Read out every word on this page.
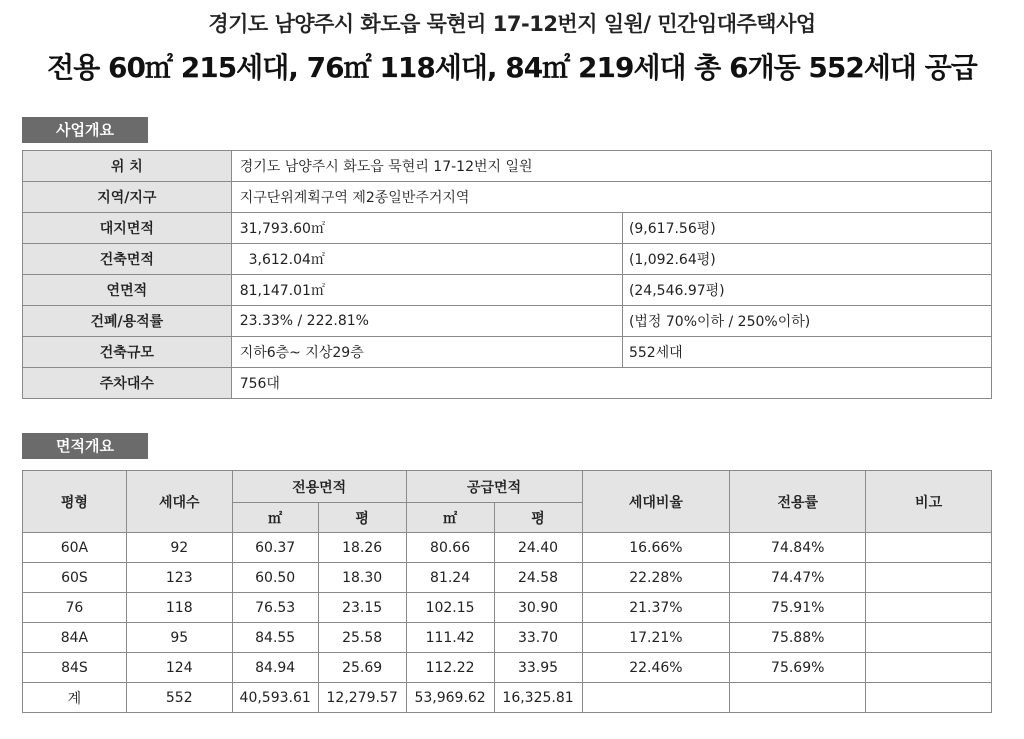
경기도 남양주시 화도읍 묵현리 17-12번지 일원/ 민간임대주택사업
전용 60㎡ 215세대, 76㎡ 118세대, 84㎡ 219세대 총 6개동 552세대 공급
사업개요
위 치	경기도 남양주시 화도읍 묵현리 17-12번지 일원	
지역/지구	지구단위계획구역 제2종일반주거지역	
대지면적	31,793.60㎡	(9,617.56평)
건축면적	3,612.04㎡	(1,092.64평)
연면적	81,147.01㎡	(24,546.97평)
건폐/용적률	23.33% / 222.81%	(법정 70%이하 / 250%이하)
건축규모	지하6층~ 지상29층	552세대
주차대수	756대	
면적개요
평형	세대수	전용면적		공급면적		세대비율	전용률	비고
		㎡	평	㎡	평			
60A	92	60.37	18.26	80.66	24.40	16.66%	74.84%	
60S	123	60.50	18.30	81.24	24.58	22.28%	74.47%	
76	118	76.53	23.15	102.15	30.90	21.37%	75.91%	
84A	95	84.55	25.58	111.42	33.70	17.21%	75.88%	
84S	124	84.94	25.69	112.22	33.95	22.46%	75.69%	
계	552	40,593.61	12,279.57	53,969.62	16,325.81			
